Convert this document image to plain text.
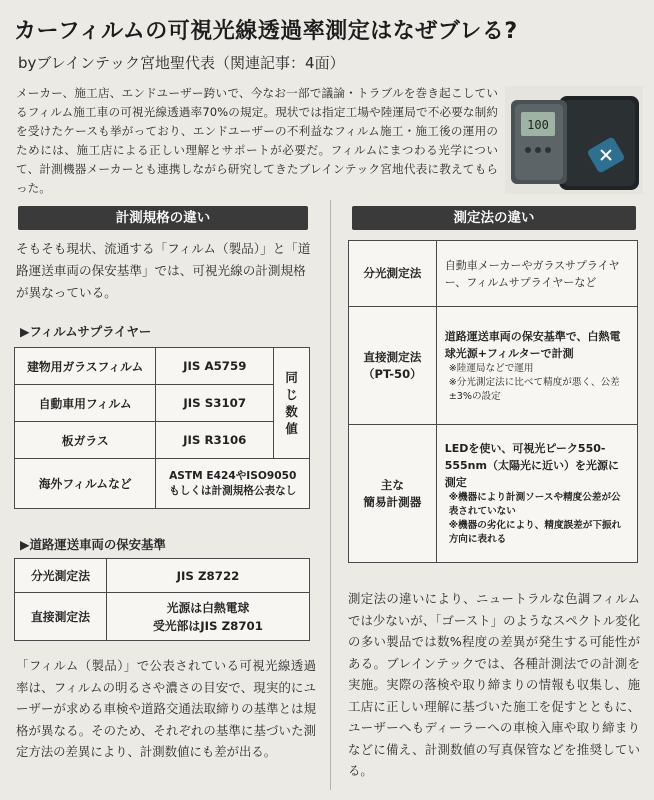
カーフィルムの可視光線透過率測定はなぜブレる?
byブレインテック宮地聖代表（関連記事：4面）
メーカー、施工店、エンドユーザー跨いで、今なお一部で議論・トラブルを巻き起こしているフィルム施工車の可視光線透過率70%の規定。現状では指定工場や陸運局で不必要な制約を受けたケースも挙がっており、エンドユーザーの不利益なフィルム施工・施工後の運用のためには、施工店による正しい理解とサポートが必要だ。フィルムにまつわる光学について、計測機器メーカーとも連携しながら研究してきたブレインテック宮地代表に教えてもらった。
100
計測規格の違い	測定法の違い
そもそも現状、流通する「フィルム（製品）」と「道路運送車両の保安基準」では、可視光線の計測規格が異なっている。
▶フィルムサプライヤー
建物用ガラスフィルム	JIS A5759	同じ数値
自動車用フィルム	JIS S3107	
板ガラス	JIS R3106	
海外フィルムなど	ASTM E424やISO9050
もしくは計測規格公表なし	
▶道路運送車両の保安基準
分光測定法	JIS Z8722
直接測定法	光源は白熱電球
受光部はJIS Z8701
「フィルム（製品）」で公表されている可視光線透過率は、フィルムの明るさや濃さの目安で、現実的にユーザーが求める車検や道路交通法取締りの基準とは規格が異なる。そのため、それぞれの基準に基づいた測定方法の差異により、計測数値にも差が出る。
分光測定法	自動車メーカーやガラスサプライヤー、フィルムサプライヤーなど
直接測定法
（PT-50）	道路運送車両の保安基準で、白熱電球光源+フィルターで計測
※陸運局などで運用
※分光測定法に比べて精度が悪く、公差±3%の設定

主な
簡易計測器	LEDを使い、可視光ピーク550-555nm（太陽光に近い）を光源に測定
※機器により計測ソースや精度公差が公表されていない
※機器の劣化により、精度誤差が下振れ方向に表れる
測定法の違いにより、ニュートラルな色調フィルムでは少ないが、「ゴースト」のようなスペクトル変化の多い製品では数%程度の差異が発生する可能性がある。ブレインテックでは、各種計測法での計測を実施。実際の落検や取り締まりの情報も収集し、施工店に正しい理解に基づいた施工を促すとともに、ユーザーへもディーラーへの車検入庫や取り締まりなどに備え、計測数値の写真保管などを推奨している。
